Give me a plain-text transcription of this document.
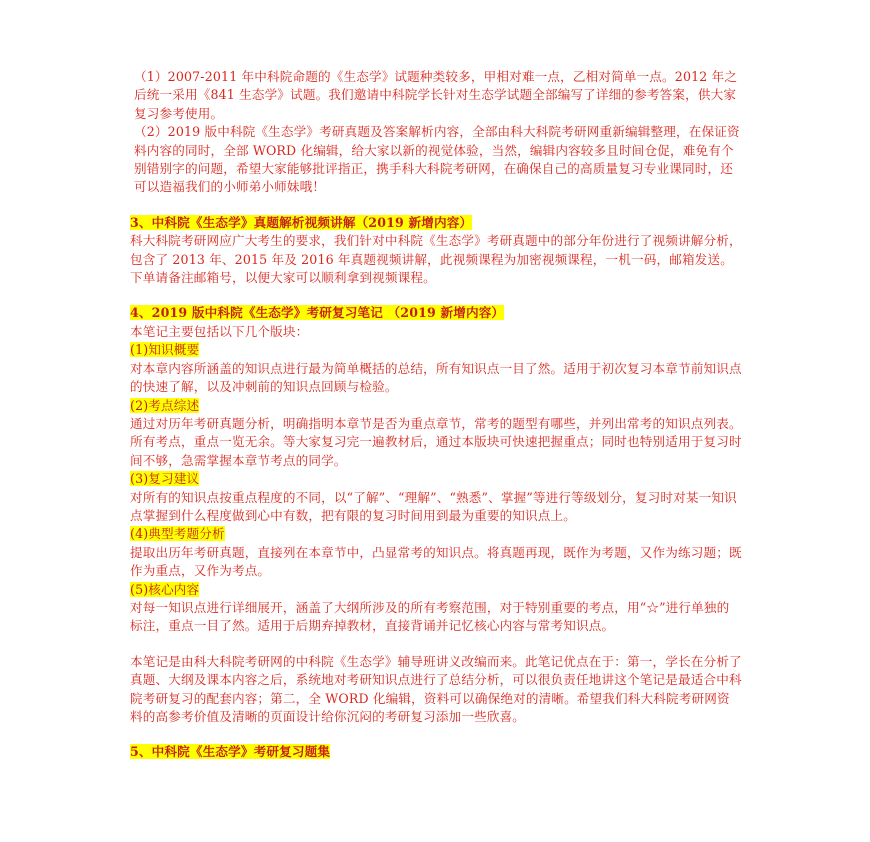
（1）2007-2011 年中科院命题的《生态学》试题种类较多，甲相对难一点，乙相对简单一点。2012 年之后统一采用《841 生态学》试题。我们邀请中科院学长针对生态学试题全部编写了详细的参考答案，供大家复习参考使用。

（2）2019 版中科院《生态学》考研真题及答案解析内容，全部由科大科院考研网重新编辑整理，在保证资料内容的同时，全部 WORD 化编辑，给大家以新的视觉体验，当然，编辑内容较多且时间仓促，难免有个别错别字的问题，希望大家能够批评指正，携手科大科院考研网，在确保自己的高质量复习专业课同时，还可以造福我们的小师弟小师妹哦！

3、中科院《生态学》真题解析视频讲解（2019 新增内容）

科大科院考研网应广大考生的要求，我们针对中科院《生态学》考研真题中的部分年份进行了视频讲解分析，包含了 2013 年、2015 年及 2016 年真题视频讲解，此视频课程为加密视频课程，一机一码，邮箱发送。下单请备注邮箱号，以便大家可以顺利拿到视频课程。

4、2019 版中科院《生态学》考研复习笔记 （2019 新增内容）

本笔记主要包括以下几个版块：

(1)知识概要

对本章内容所涵盖的知识点进行最为简单概括的总结，所有知识点一目了然。适用于初次复习本章节前知识点的快速了解，以及冲刺前的知识点回顾与检验。

(2)考点综述

通过对历年考研真题分析，明确指明本章节是否为重点章节，常考的题型有哪些，并列出常考的知识点列表。所有考点，重点一览无余。等大家复习完一遍教材后，通过本版块可快速把握重点；同时也特别适用于复习时间不够，急需掌握本章节考点的同学。

(3)复习建议

对所有的知识点按重点程度的不同，以“了解”、“理解”、“熟悉”、掌握”等进行等级划分，复习时对某一知识点掌握到什么程度做到心中有数，把有限的复习时间用到最为重要的知识点上。

(4)典型考题分析

提取出历年考研真题，直接列在本章节中，凸显常考的知识点。将真题再现，既作为考题，又作为练习题；既作为重点，又作为考点。

(5)核心内容

对每一知识点进行详细展开，涵盖了大纲所涉及的所有考察范围，对于特别重要的考点，用“☆”进行单独的标注，重点一目了然。适用于后期弃掉教材，直接背诵并记忆核心内容与常考知识点。

本笔记是由科大科院考研网的中科院《生态学》辅导班讲义改编而来。此笔记优点在于：第一，学长在分析了真题、大纲及课本内容之后，系统地对考研知识点进行了总结分析，可以很负责任地讲这个笔记是最适合中科院考研复习的配套内容；第二，全 WORD 化编辑，资料可以确保绝对的清晰。希望我们科大科院考研网资料的高参考价值及清晰的页面设计给你沉闷的考研复习添加一些欣喜。

5、中科院《生态学》考研复习题集
